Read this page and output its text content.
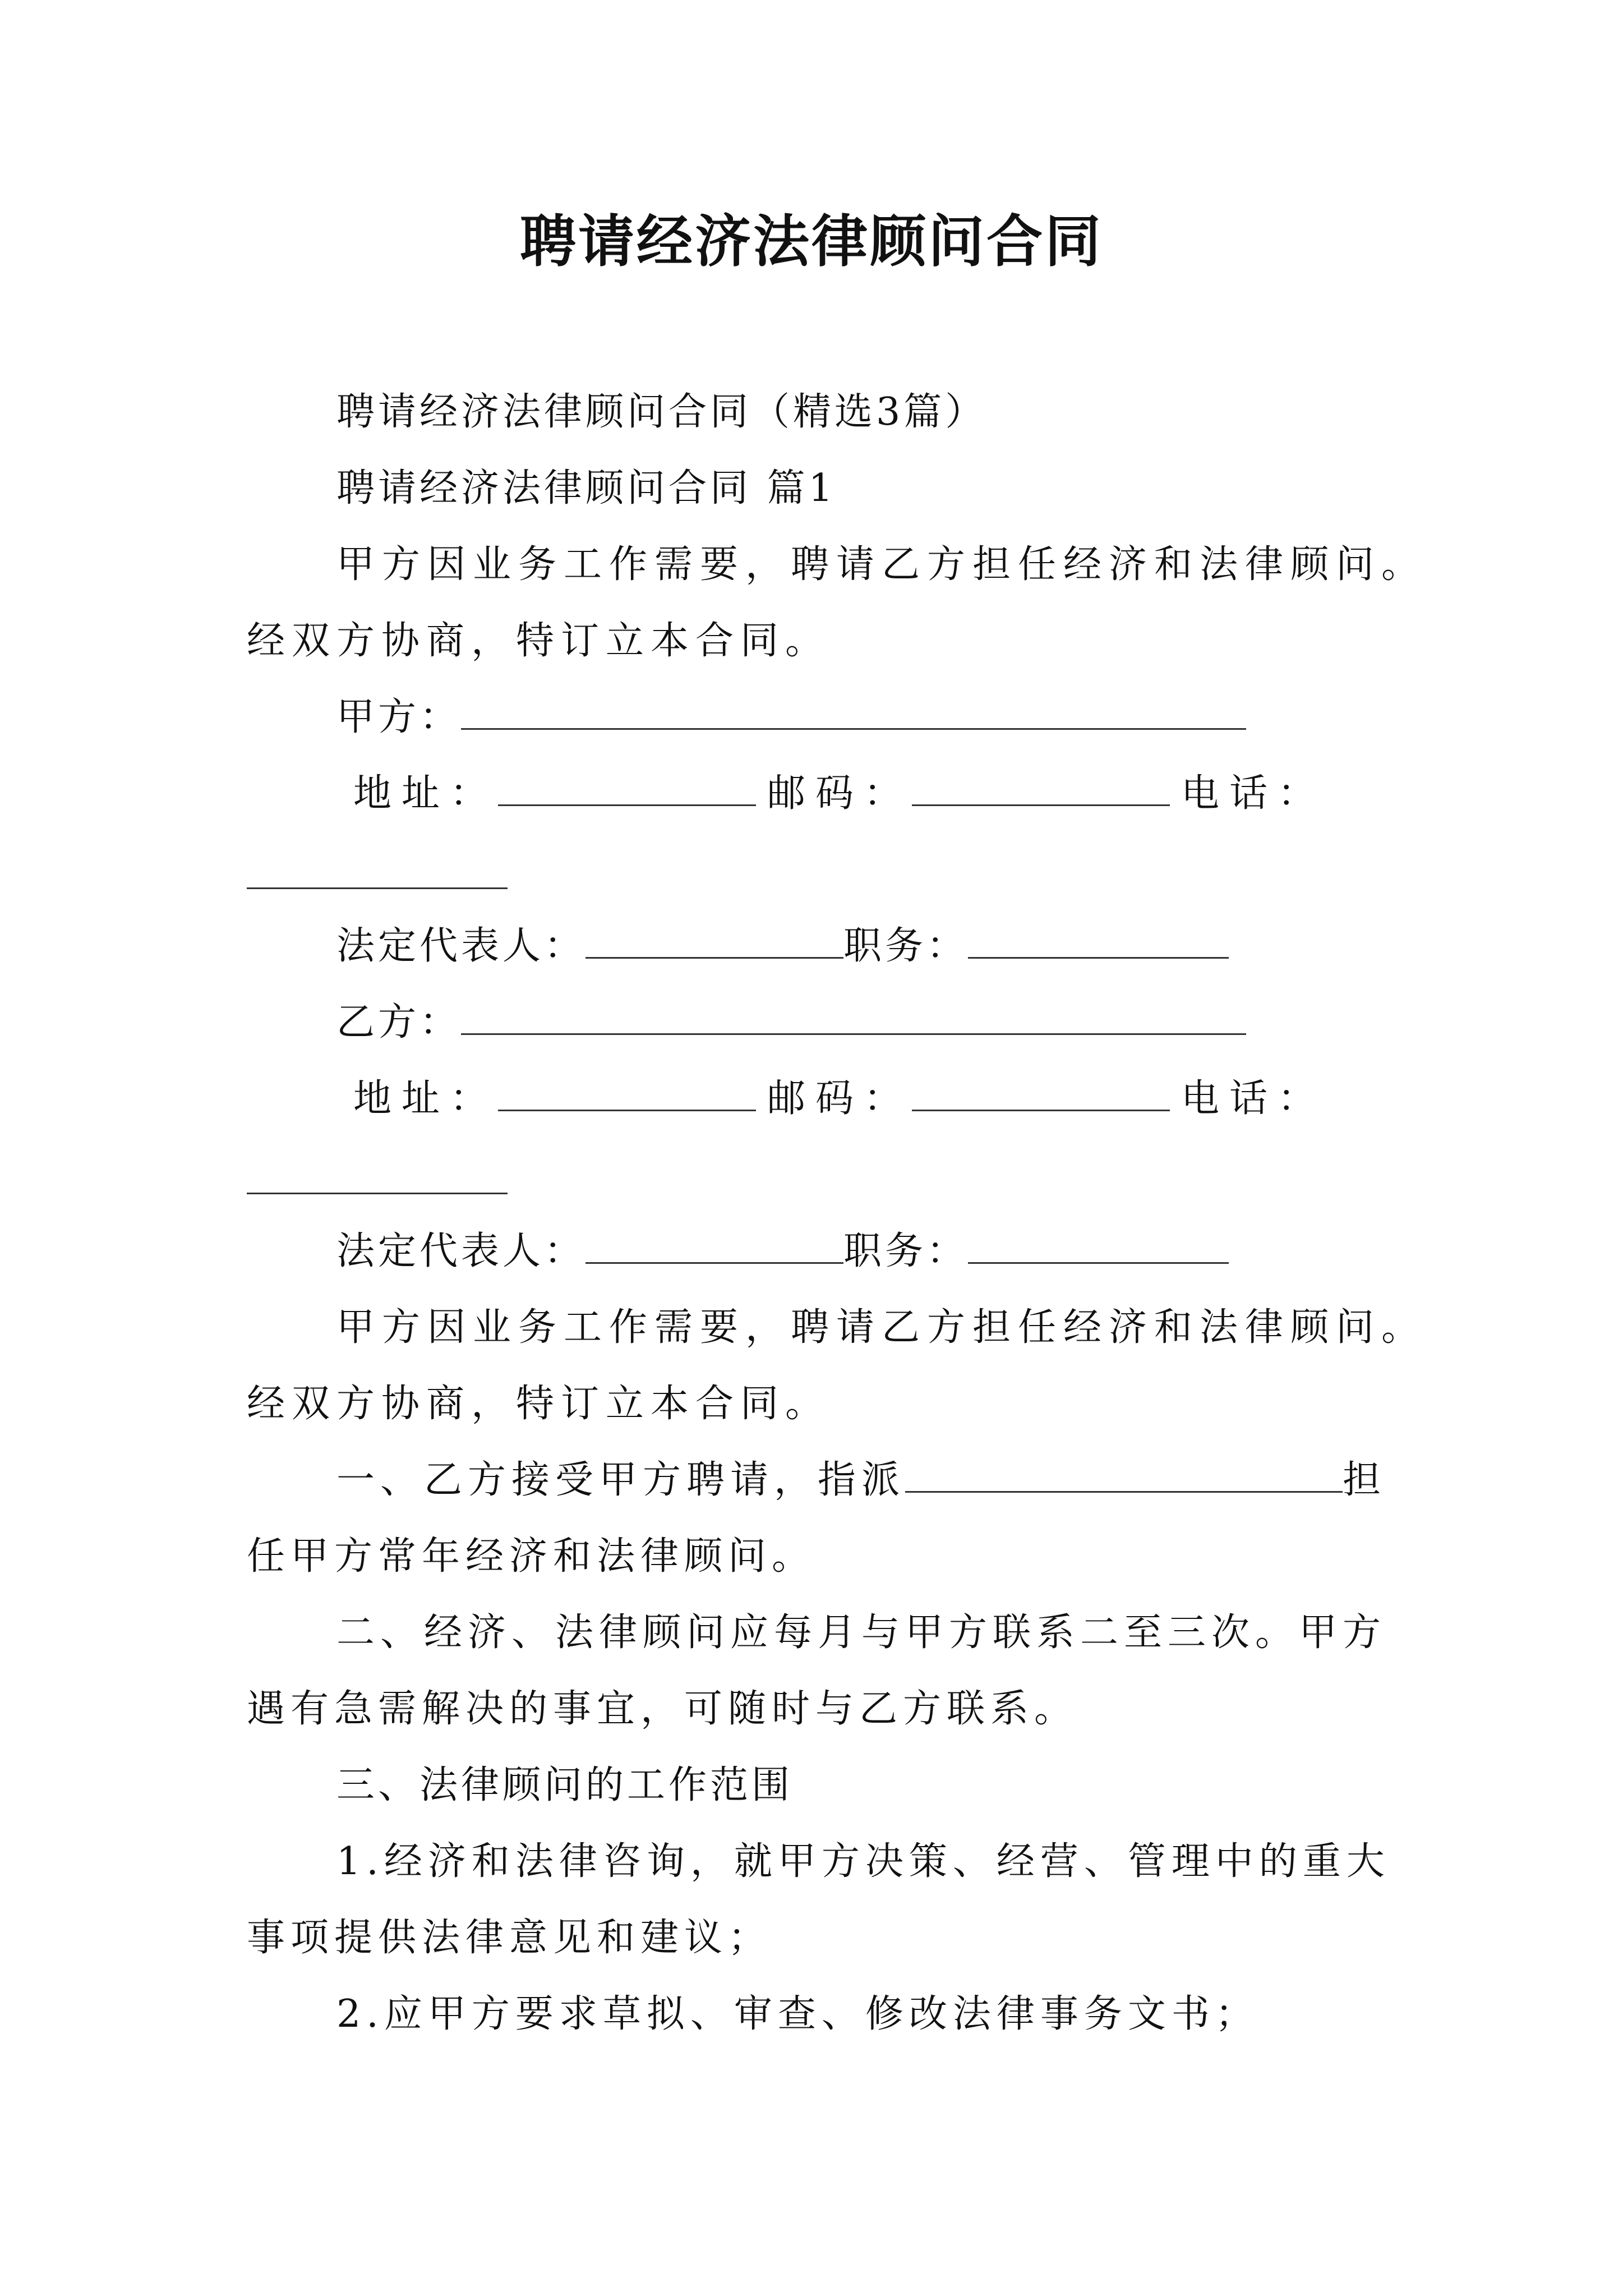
聘请经济法律顾问合同
聘请经济法律顾问合同（精选3篇）
聘请经济法律顾问合同 篇1
甲方因业务工作需要，聘请乙方担任经济和法律顾问。
经双方协商，特订立本合同。
甲方：
地址：	邮码：	电话：
法定代表人：	职务：
乙方：
地址：	邮码：	电话：
法定代表人：	职务：
甲方因业务工作需要，聘请乙方担任经济和法律顾问。
经双方协商，特订立本合同。
一、乙方接受甲方聘请，指派	担
任甲方常年经济和法律顾问。
二、经济、法律顾问应每月与甲方联系二至三次。甲方
遇有急需解决的事宜，可随时与乙方联系。
三、法律顾问的工作范围
1.经济和法律咨询，就甲方决策、经营、管理中的重大
事项提供法律意见和建议；
2.应甲方要求草拟、审查、修改法律事务文书；
